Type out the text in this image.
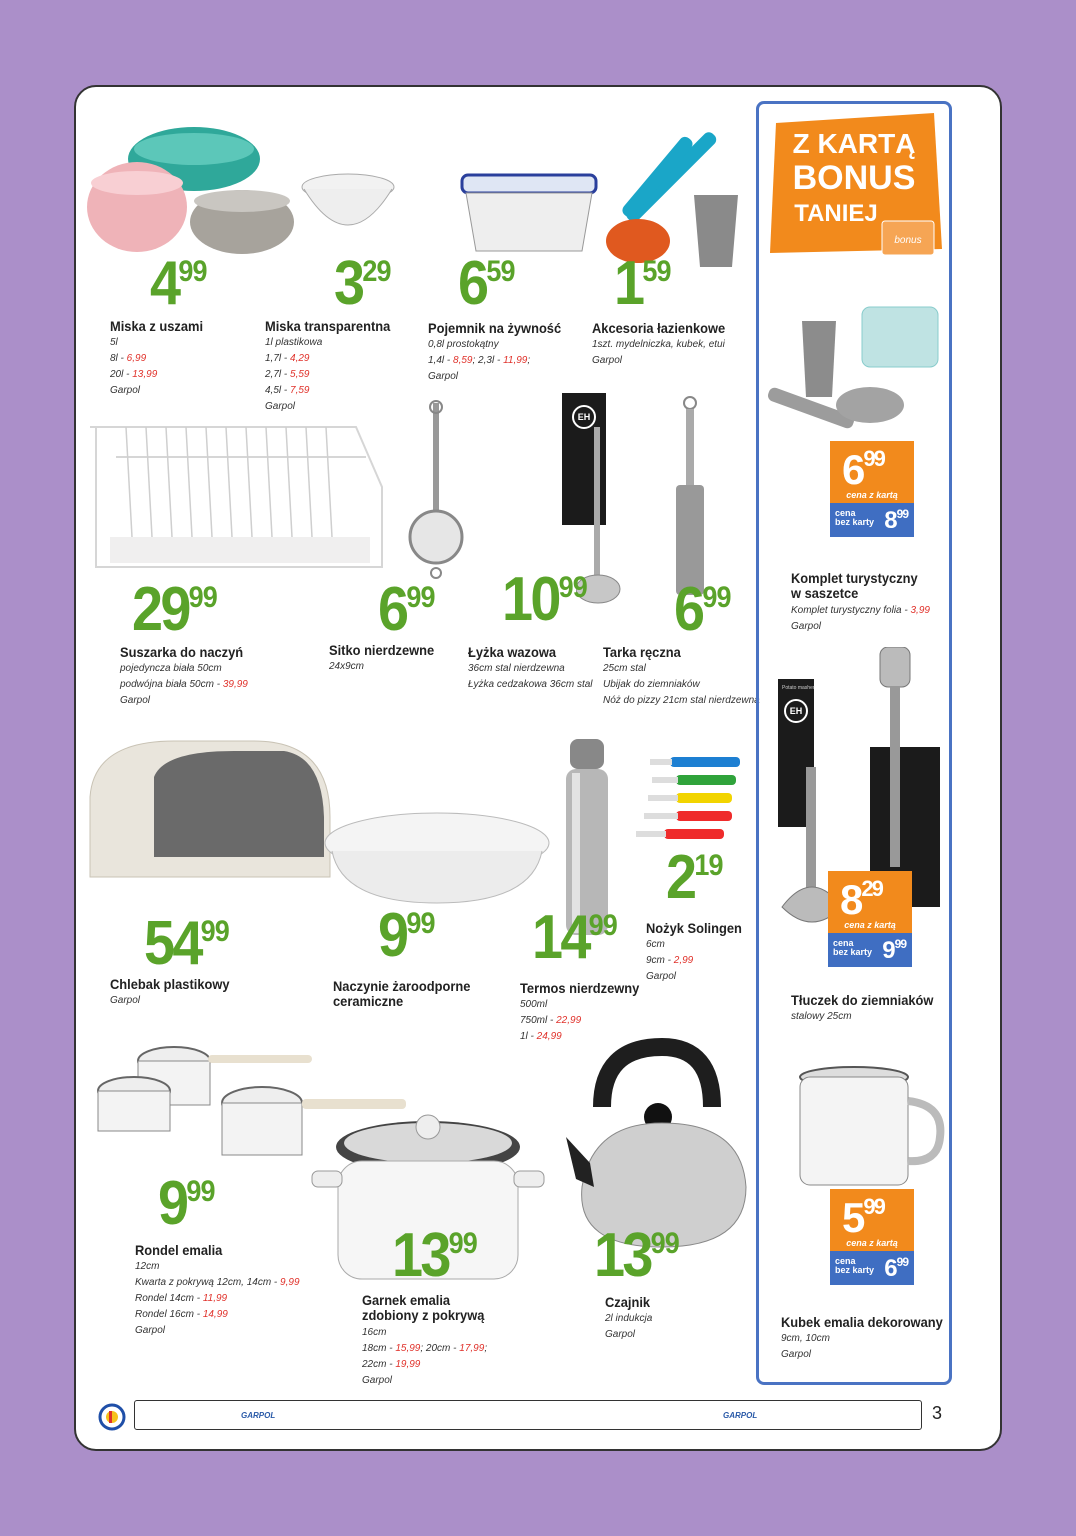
$4^{99}$ $3^{29}$ $6^{59}$ $1^{59}$
Miska z uszami
5l
8l - 6,99
20l - 13,99
Garpol
Miska transparentna
1l plastikowa
1,7l - 4,29
2,7l - 5,59
4,5l - 7,59
Garpol
Pojemnik na żywność
0,8l prostokątny
1,4l - 8,59; 2,3l - 11,99;
Garpol
Akcesoria łazienkowe
1szt. mydelniczka, kubek, etui
Garpol
EH
$29^{99}$	$6^{99}$ $10^{99}$ $6^{99}$
Suszarka do naczyń
pojedyncza biała 50cm
podwójna biała 50cm - 39,99
Garpol
Sitko nierdzewne
24x9cm
Łyżka wazowa
36cm stal nierdzewna
Łyżka cedzakowa 36cm stal
Tarka ręczna
25cm stal
Ubijak do ziemniaków
Nóż do pizzy 21cm stal nierdzewna
$54^{99}$ $9^{99}$ $14^{99}$
$2^{19}$
Chlebak plastikowy
Garpol
Naczynie żaroodporne
ceramiczne
Termos nierdzewny
500ml
750ml - 22,99
1l - 24,99
Nożyk Solingen
6cm
9cm - 2,99
Garpol
$9^{99}$
$13^{99}$ $13^{99}$
Rondel emalia
12cm
Kwarta z pokrywą 12cm, 14cm - 9,99
Rondel 14cm - 11,99
Rondel 16cm - 14,99
Garpol
Garnek emalia
zdobiony z pokrywą
16cm
18cm - 15,99; 20cm - 17,99;
22cm - 19,99
Garpol
Czajnik
2l indukcja
Garpol
Z KARTĄ
BONUS
TANIEJ
bonus
$6^{99}$
cena z kartą
cena
bez karty $8^{99}$
Komplet turystyczny
w saszetce
Komplet turystyczny folia - 3,99
Garpol
Potato masher
EH
$8^{29}$
cena z kartą
cena
bez karty $9^{99}$
Tłuczek do ziemniaków
stalowy 25cm
$5^{99}$
cena z kartą
cena
bez karty $6^{99}$
Kubek emalia dekorowany
9cm, 10cm
Garpol
GARPOL	GARPOL	3
